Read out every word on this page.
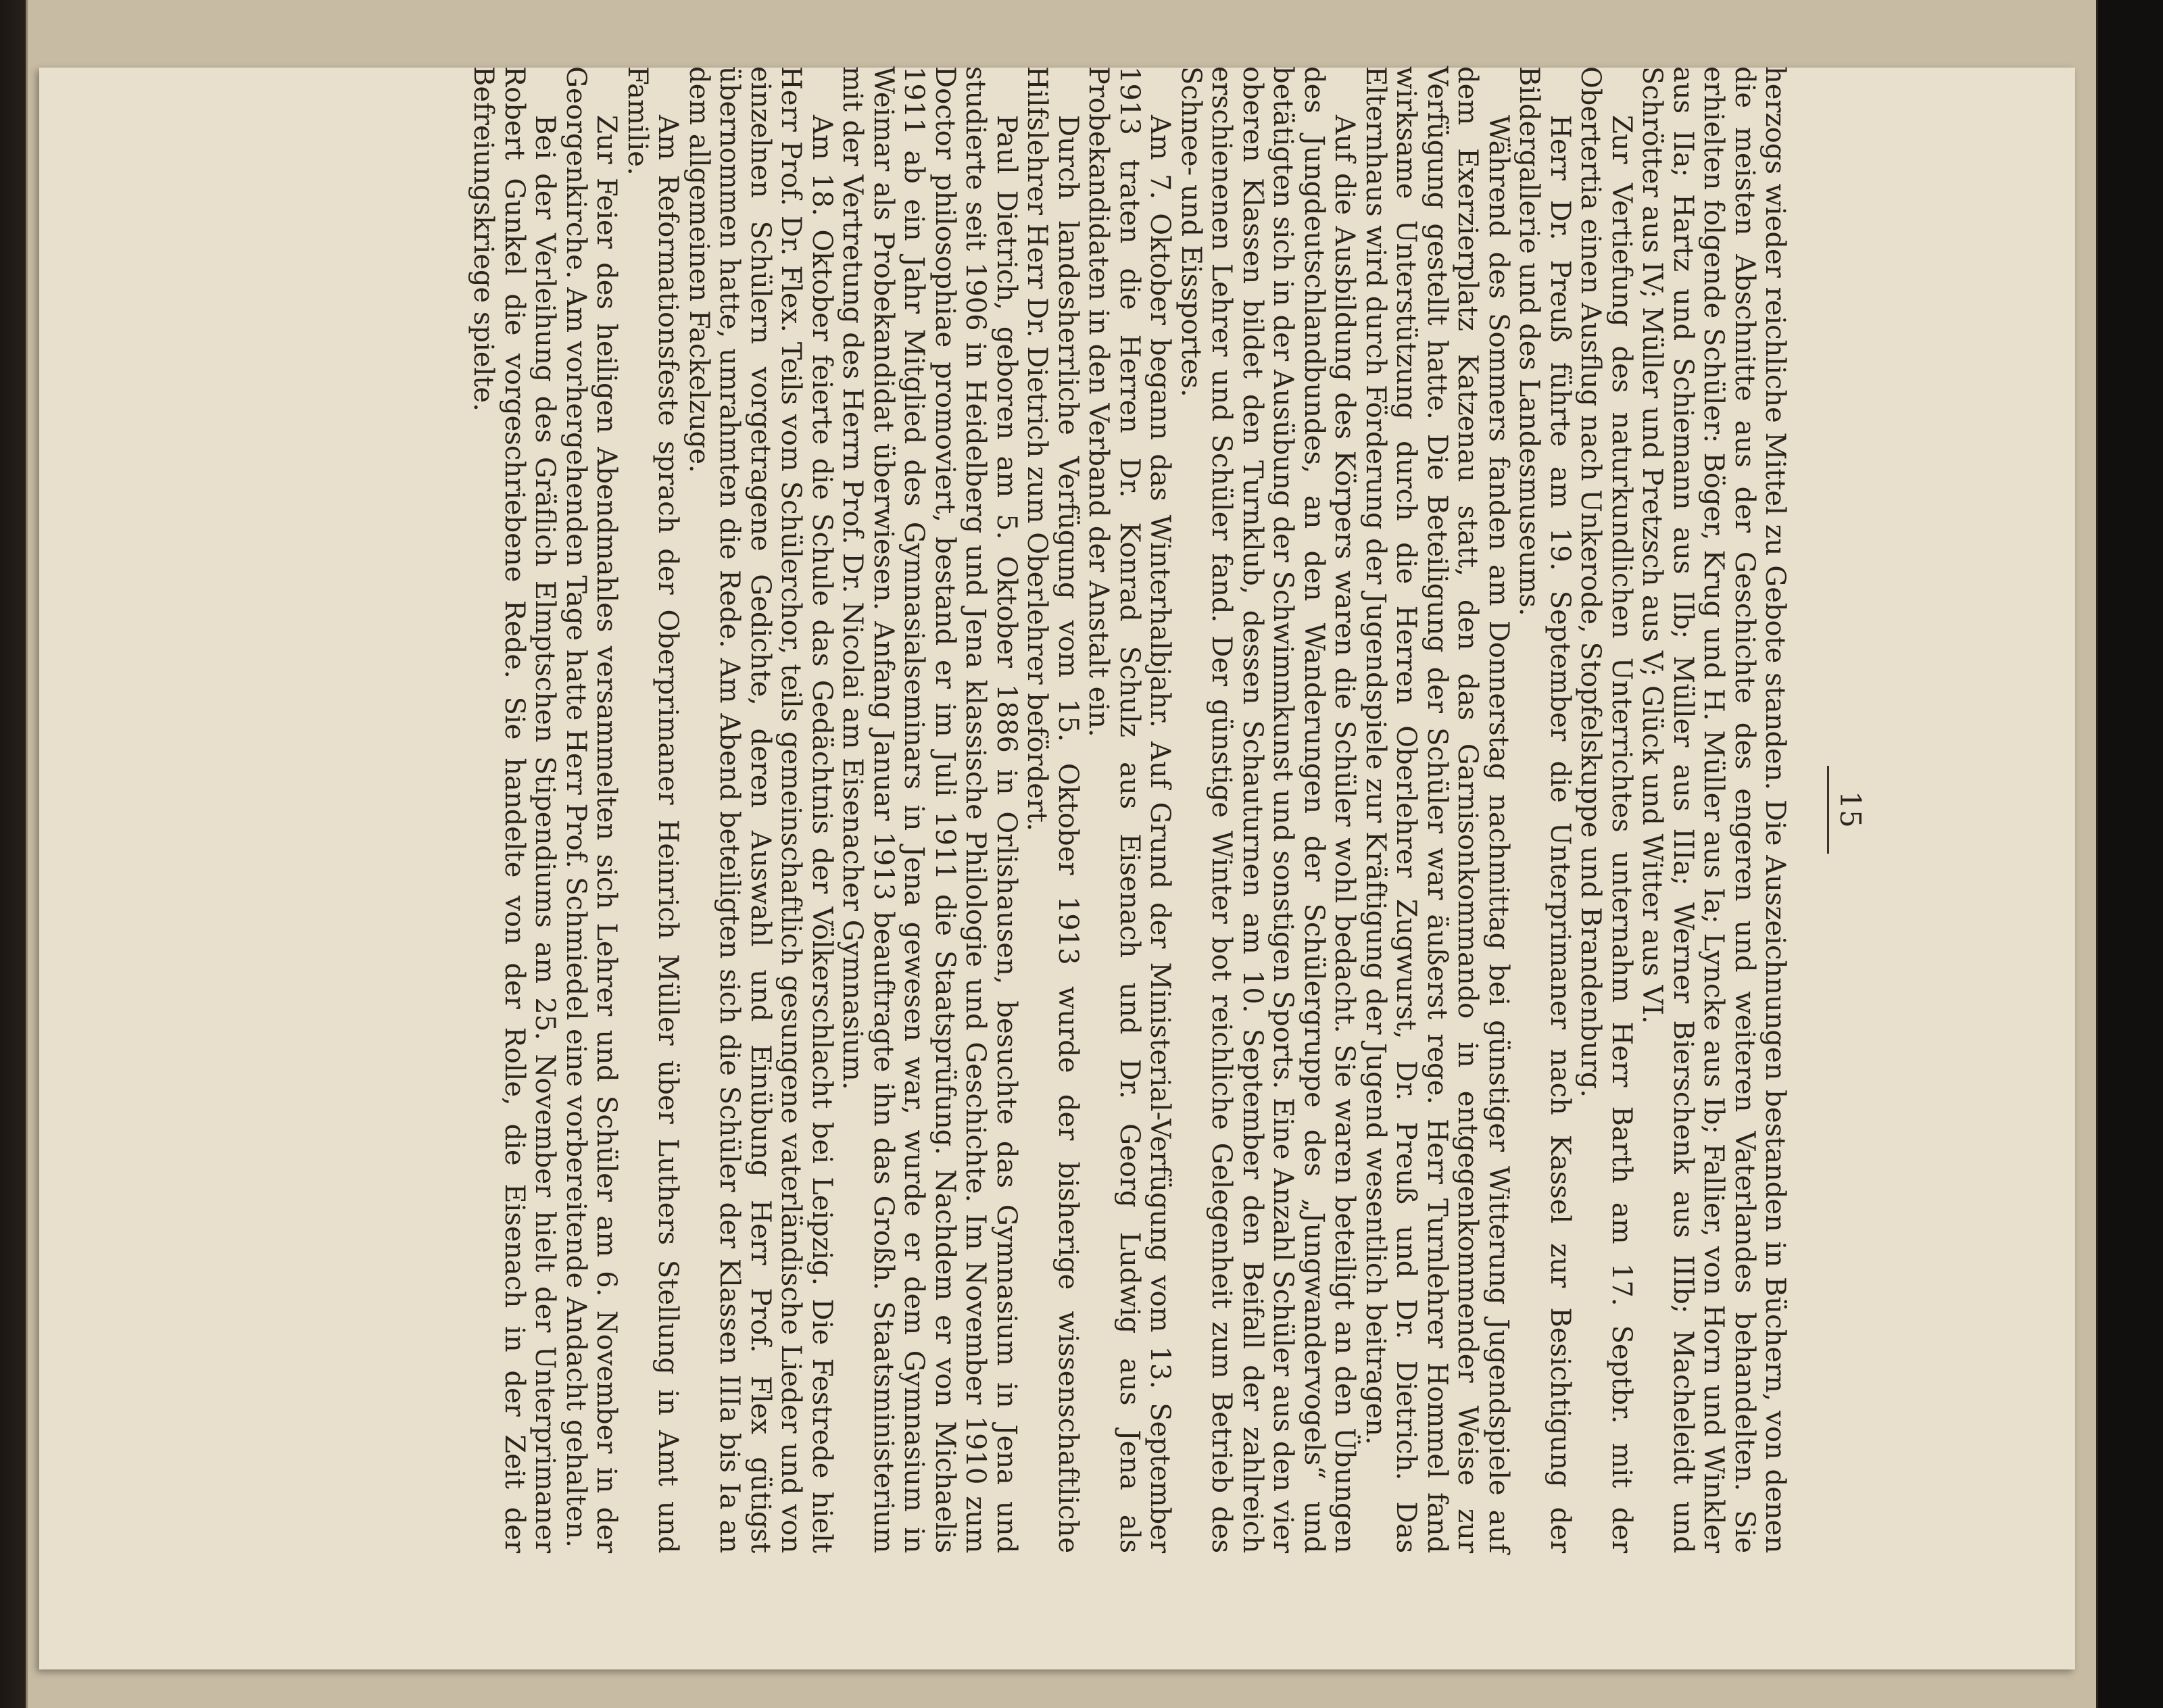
15

herzogs wieder reichliche Mittel zu Gebote standen. Die Auszeichnungen bestanden in Büchern, von denen die meisten Abschnitte aus der Geschichte des engeren und weiteren Vaterlandes behandelten. Sie erhielten folgende Schüler: Böger, Krug und H. Müller aus Ia; Lyncke aus Ib; Fallier, von Horn und Winkler aus IIa; Hartz und Schiemann aus IIb; Müller aus IIIa; Werner Bierschenk aus IIIb; Macheleidt und Schrötter aus IV; Müller und Pretzsch aus V; Glück und Witter aus VI.

Zur Vertiefung des naturkundlichen Unterrichtes unternahm Herr Barth am 17. Septbr. mit der Obertertia einen Ausflug nach Unkerode, Stopfelskuppe und Brandenburg.

Herr Dr. Preuß führte am 19. September die Unterprimaner nach Kassel zur Besichtigung der Bildergallerie und des Landesmuseums.

Während des Sommers fanden am Donnerstag nachmittag bei günstiger Witterung Jugendspiele auf dem Exerzierplatz Katzenau statt, den das Garnisonkommando in entgegenkommender Weise zur Verfügung gestellt hatte. Die Beteiligung der Schüler war äußerst rege. Herr Turnlehrer Hommel fand wirksame Unterstützung durch die Herren Oberlehrer Zugwurst, Dr. Preuß und Dr. Dietrich. Das Elternhaus wird durch Förderung der Jugendspiele zur Kräftigung der Jugend wesentlich beitragen.

Auf die Ausbildung des Körpers waren die Schüler wohl bedacht. Sie waren beteiligt an den Übungen des Jungdeutschlandbundes, an den Wanderungen der Schülergruppe des „Jungwandervogels“ und betätigten sich in der Ausübung der Schwimmkunst und sonstigen Sports. Eine Anzahl Schüler aus den vier oberen Klassen bildet den Turnklub, dessen Schauturnen am 10. September den Beifall der zahlreich erschienenen Lehrer und Schüler fand. Der günstige Winter bot reichliche Gelegenheit zum Betrieb des Schnee- und Eissportes.

Am 7. Oktober begann das Winterhalbjahr. Auf Grund der Ministerial-Verfügung vom 13. September 1913 traten die Herren Dr. Konrad Schulz aus Eisenach und Dr. Georg Ludwig aus Jena als Probekandidaten in den Verband der Anstalt ein.

Durch landesherrliche Verfügung vom 15. Oktober 1913 wurde der bisherige wissenschaftliche Hilfslehrer Herr Dr. Dietrich zum Oberlehrer befördert.

Paul Dietrich, geboren am 5. Oktober 1886 in Orlishausen, besuchte das Gymnasium in Jena und studierte seit 1906 in Heidelberg und Jena klassische Philologie und Geschichte. Im November 1910 zum Doctor philosophiae promoviert, bestand er im Juli 1911 die Staatsprüfung. Nachdem er von Michaelis 1911 ab ein Jahr Mitglied des Gymnasialseminars in Jena gewesen war, wurde er dem Gymnasium in Weimar als Probekandidat überwiesen. Anfang Januar 1913 beauftragte ihn das Großh. Staatsministerium mit der Vertretung des Herrn Prof. Dr. Nicolai am Eisenacher Gymnasium.

Am 18. Oktober feierte die Schule das Gedächtnis der Völkerschlacht bei Leipzig. Die Festrede hielt Herr Prof. Dr. Flex. Teils vom Schülerchor, teils gemeinschaftlich gesungene vaterländische Lieder und von einzelnen Schülern vorgetragene Gedichte, deren Auswahl und Einübung Herr Prof. Flex gütigst übernommen hatte, umrahmten die Rede. Am Abend beteiligten sich die Schüler der Klassen IIIa bis Ia an dem allgemeinen Fackelzuge.

Am Reformationsfeste sprach der Oberprimaner Heinrich Müller über Luthers Stellung in Amt und Familie.

Zur Feier des heiligen Abendmahles versammelten sich Lehrer und Schüler am 6. November in der Georgenkirche. Am vorhergehenden Tage hatte Herr Prof. Schmiedel eine vorbereitende Andacht gehalten.

Bei der Verleihung des Gräflich Elmptschen Stipendiums am 25. November hielt der Unterprimaner Robert Gunkel die vorgeschriebene Rede. Sie handelte von der Rolle, die Eisenach in der Zeit der Befreiungskriege spielte.
